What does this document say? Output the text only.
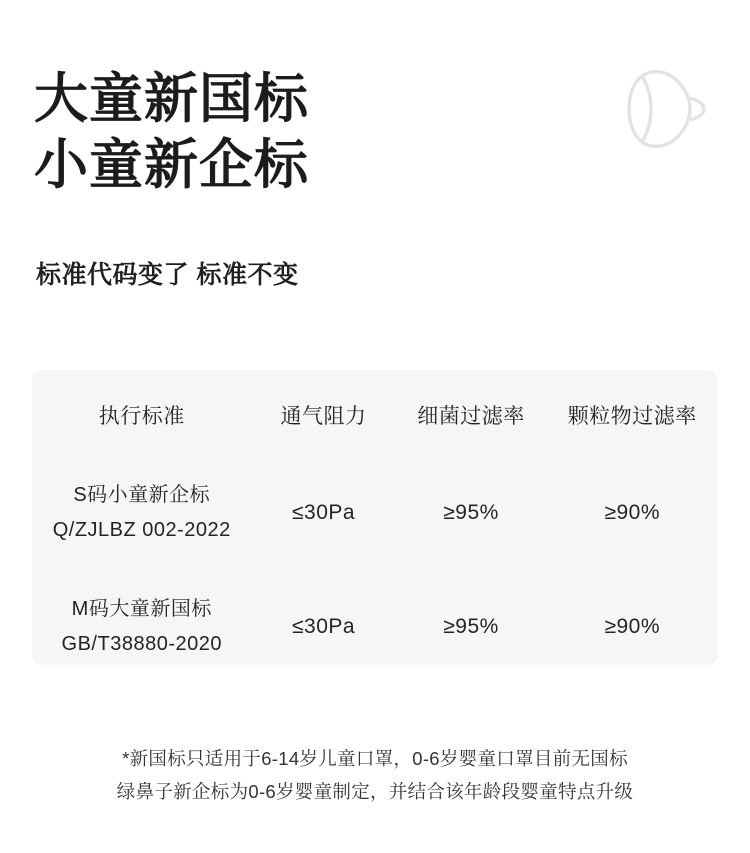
大童新国标
小童新企标
标准代码变了 标准不变
执行标准	通气阻力	细菌过滤率	颗粒物过滤率

S码小童新企标
Q/ZJLBZ 002-2022	≤30Pa	≥95%	≥90%

M码大童新国标
GB/T38880-2020	≤30Pa	≥95%	≥90%
*新国标只适用于6-14岁儿童口罩，0-6岁婴童口罩目前无国标
绿鼻子新企标为0-6岁婴童制定，并结合该年龄段婴童特点升级
